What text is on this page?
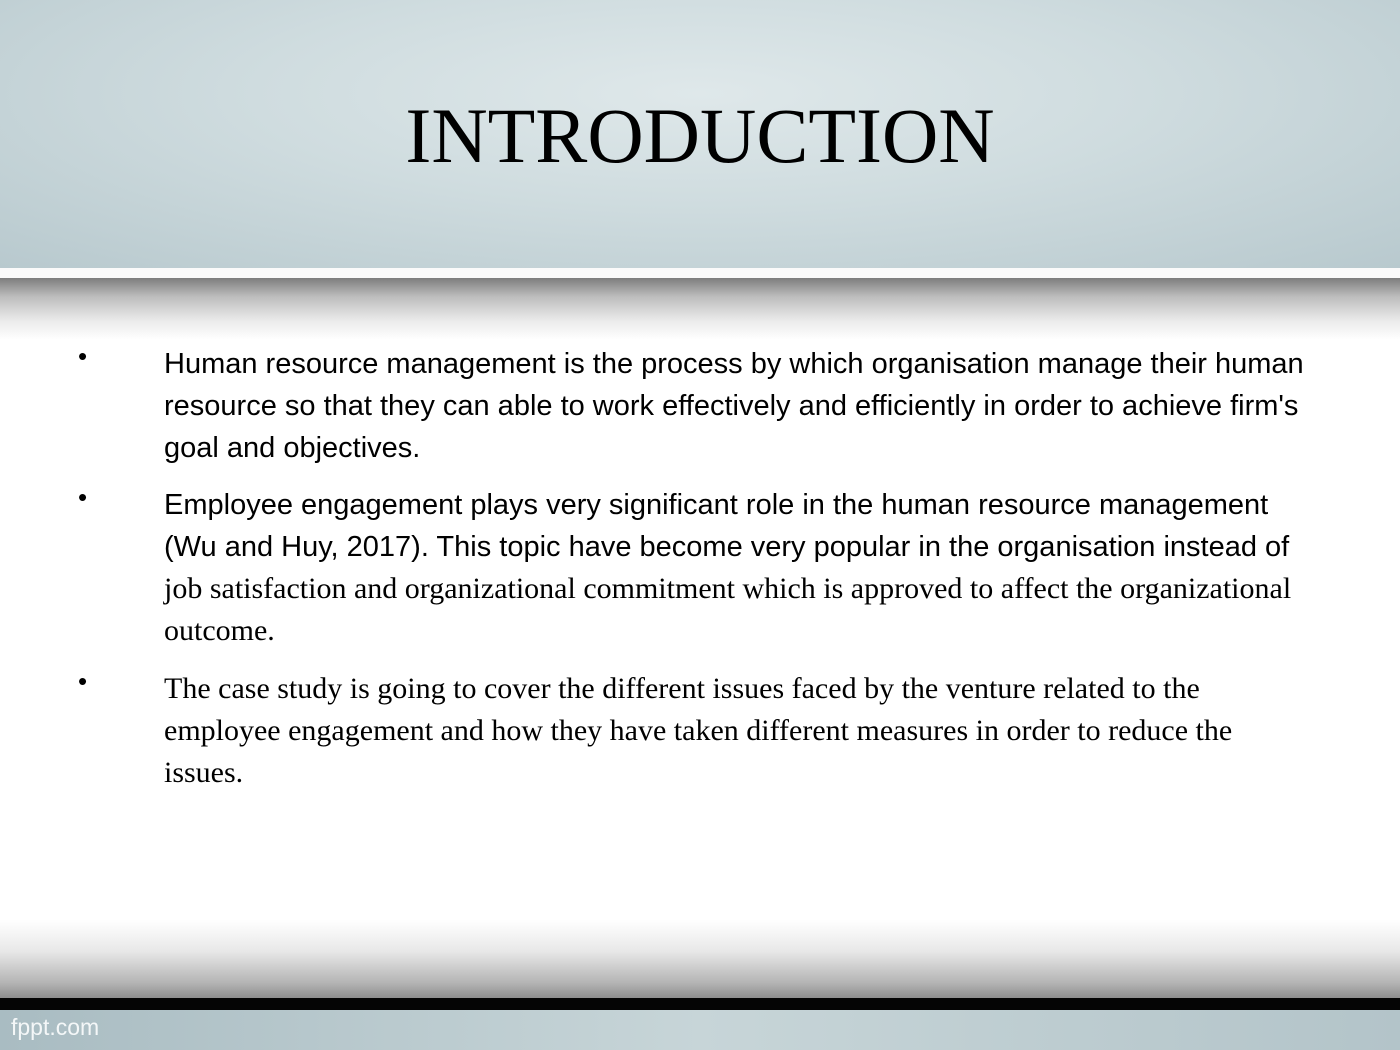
fppt.com
INTRODUCTION
•	Human resource management is the process by which organisation manage their human resource so that they can able to work effectively and efficiently in order to achieve firm's goal and objectives.
•	Employee engagement plays very significant role in the human resource management (Wu and Huy, 2017). This topic have become very popular in the organisation instead of job satisfaction and organizational commitment which is approved to affect the organizational outcome.
•	The case study is going to cover the different issues faced by the venture related to the employee engagement and how they have taken different measures in order to reduce the issues.
